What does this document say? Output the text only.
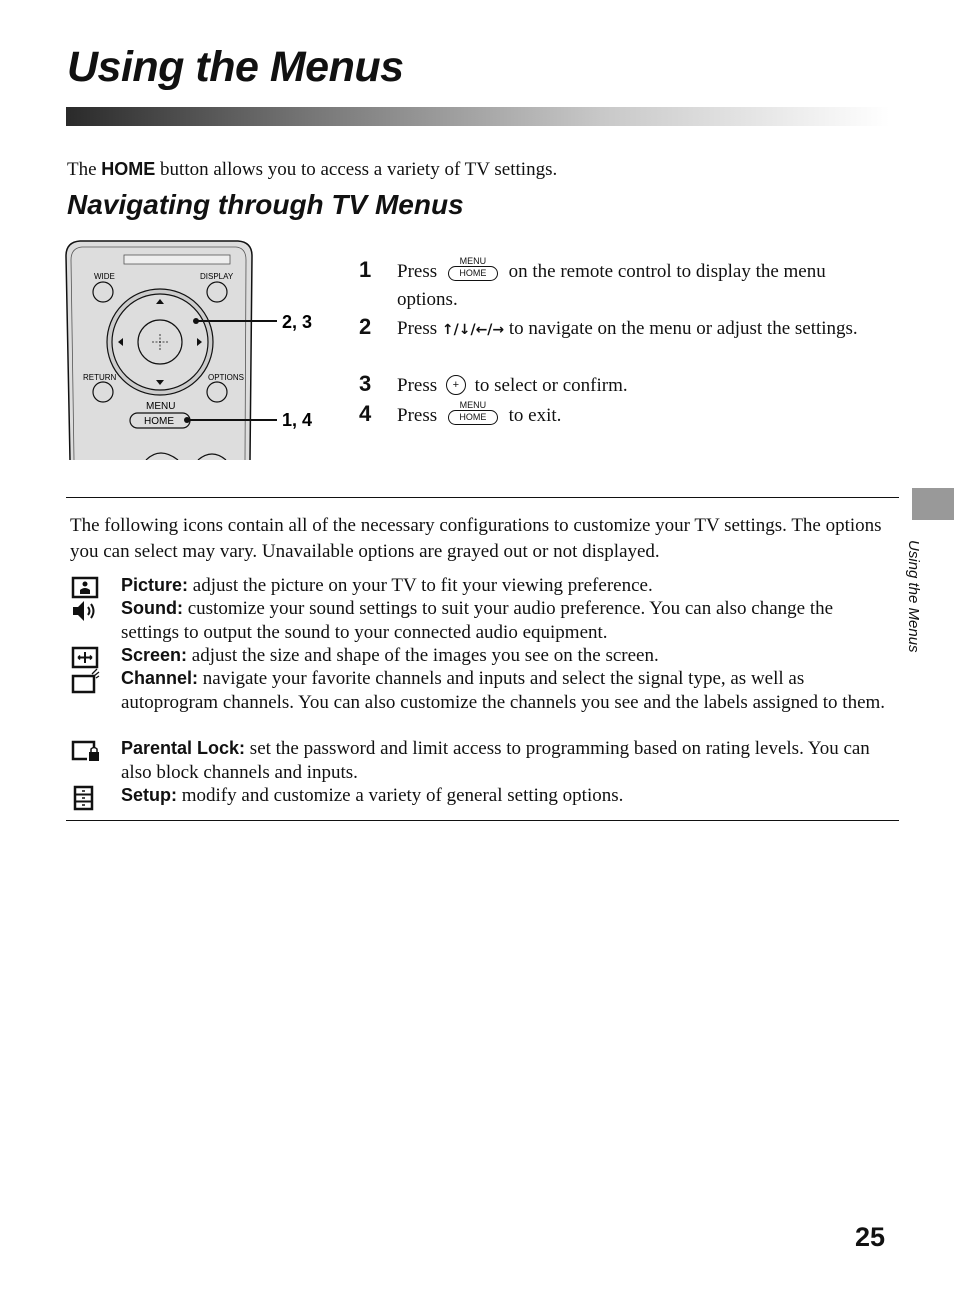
Using the Menus
The HOME button allows you to access a variety of TV settings.
Navigating through TV Menus
WIDE	DISPLAY
RETURN	OPTIONS
MENU
HOME
2, 3
1, 4
1 Press
MENU
HOME	on the remote control to display the menu options.
2 Press ↑/↓/←/→ to navigate on the menu or adjust the settings.
3 Press + to select or confirm.
4 Press
MENU
HOME	to exit.
Using the Menus
The following icons contain all of the necessary configurations to customize your TV settings. The options you can select may vary. Unavailable options are grayed out or not displayed.
Picture: adjust the picture on your TV to fit your viewing preference.
Sound: customize your sound settings to suit your audio preference. You can also change the settings to output the sound to your connected audio equipment.
Screen: adjust the size and shape of the images you see on the screen.
Channel: navigate your favorite channels and inputs and select the signal type, as well as autoprogram channels. You can also customize the channels you see and the labels assigned to them.
Parental Lock: set the password and limit access to programming based on rating levels. You can also block channels and inputs.
Setup: modify and customize a variety of general setting options.
25
